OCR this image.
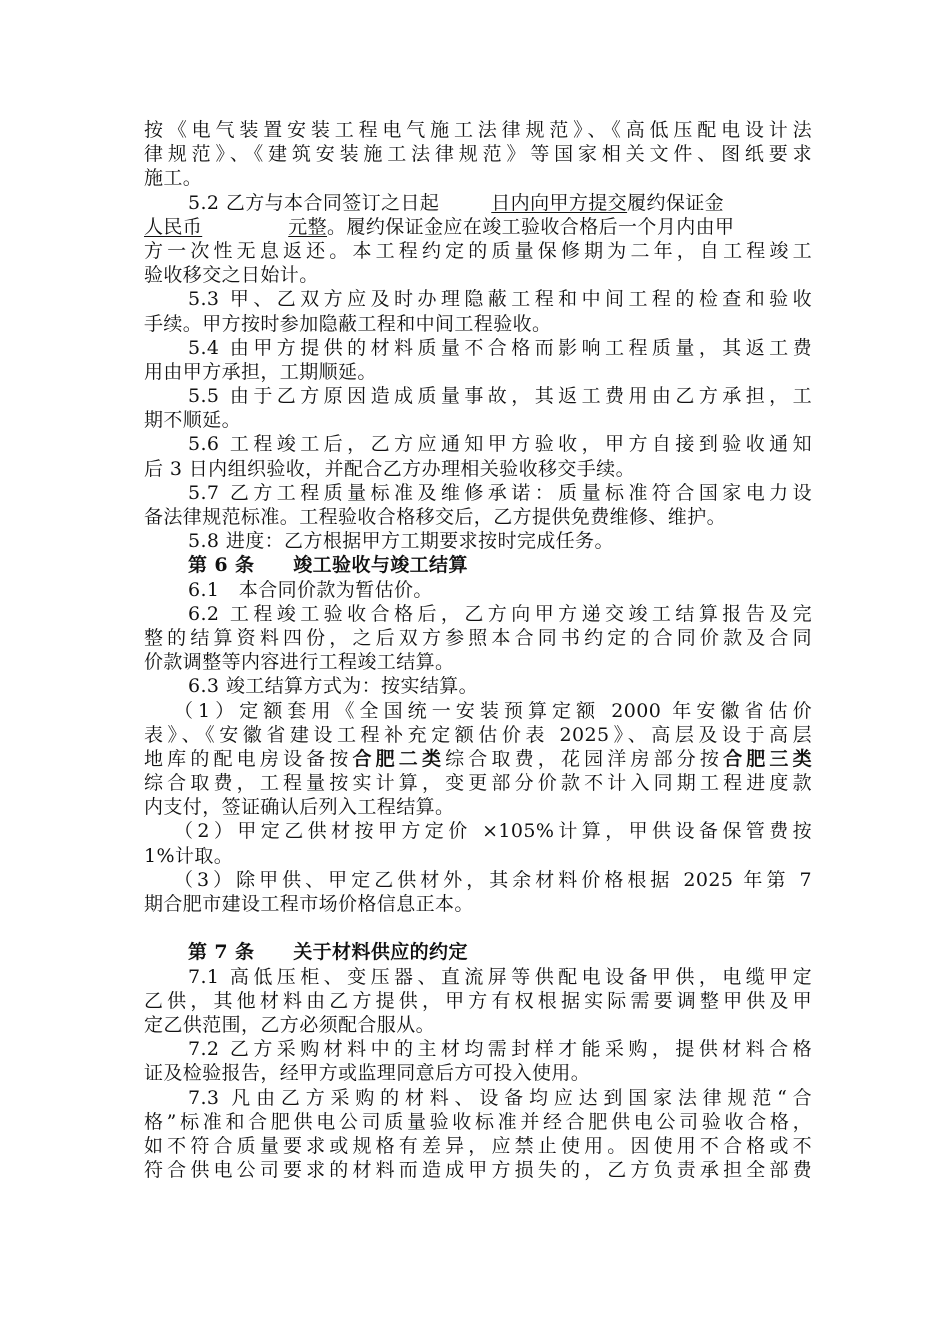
按《电气装置安装工程电气施工法律规范》、《高低压配电设计法
律规范》、《建筑安装施工法律规范》等国家相关文件、图纸要求
施工。
5.2 乙方与本合同签订之日起	日内向甲方提交履约保证金
人民币	元整。履约保证金应在竣工验收合格后一个月内由甲
方一次性无息返还。本工程约定的质量保修期为二年，自工程竣工
验收移交之日始计。
5.3 甲、乙双方应及时办理隐蔽工程和中间工程的检查和验收
手续。甲方按时参加隐蔽工程和中间工程验收。
5.4 由甲方提供的材料质量不合格而影响工程质量，其返工费
用由甲方承担，工期顺延。
5.5 由于乙方原因造成质量事故，其返工费用由乙方承担，工
期不顺延。
5.6 工程竣工后，乙方应通知甲方验收，甲方自接到验收通知
后 3 日内组织验收，并配合乙方办理相关验收移交手续。
5.7 乙方工程质量标准及维修承诺：质量标准符合国家电力设
备法律规范标准。工程验收合格移交后，乙方提供免费维修、维护。
5.8 进度：乙方根据甲方工期要求按时完成任务。
第 6 条　　竣工验收与竣工结算
6.1　本合同价款为暂估价。
6.2 工程竣工验收合格后，乙方向甲方递交竣工结算报告及完
整的结算资料四份，之后双方参照本合同书约定的合同价款及合同
价款调整等内容进行工程竣工结算。
6.3 竣工结算方式为：按实结算。
（1）定额套用《全国统一安装预算定额 2000 年安徽省估价
表》、《安徽省建设工程补充定额估价表 2025》、高层及设于高层
地库的配电房设备按合肥二类综合取费，花园洋房部分按合肥三类
综合取费，工程量按实计算，变更部分价款不计入同期工程进度款
内支付，签证确认后列入工程结算。
（2）甲定乙供材按甲方定价 ×105%计算，甲供设备保管费按
1%计取。
（3）除甲供、甲定乙供材外，其余材料价格根据 2025 年第 7
期合肥市建设工程市场价格信息正本。
第 7 条　　关于材料供应的约定
7.1 高低压柜、变压器、直流屏等供配电设备甲供，电缆甲定
乙供，其他材料由乙方提供，甲方有权根据实际需要调整甲供及甲
定乙供范围，乙方必须配合服从。
7.2 乙方采购材料中的主材均需封样才能采购，提供材料合格
证及检验报告，经甲方或监理同意后方可投入使用。
7.3 凡由乙方采购的材料、设备均应达到国家法律规范“合
格”标准和合肥供电公司质量验收标准并经合肥供电公司验收合格，
如不符合质量要求或规格有差异，应禁止使用。因使用不合格或不
符合供电公司要求的材料而造成甲方损失的，乙方负责承担全部费
